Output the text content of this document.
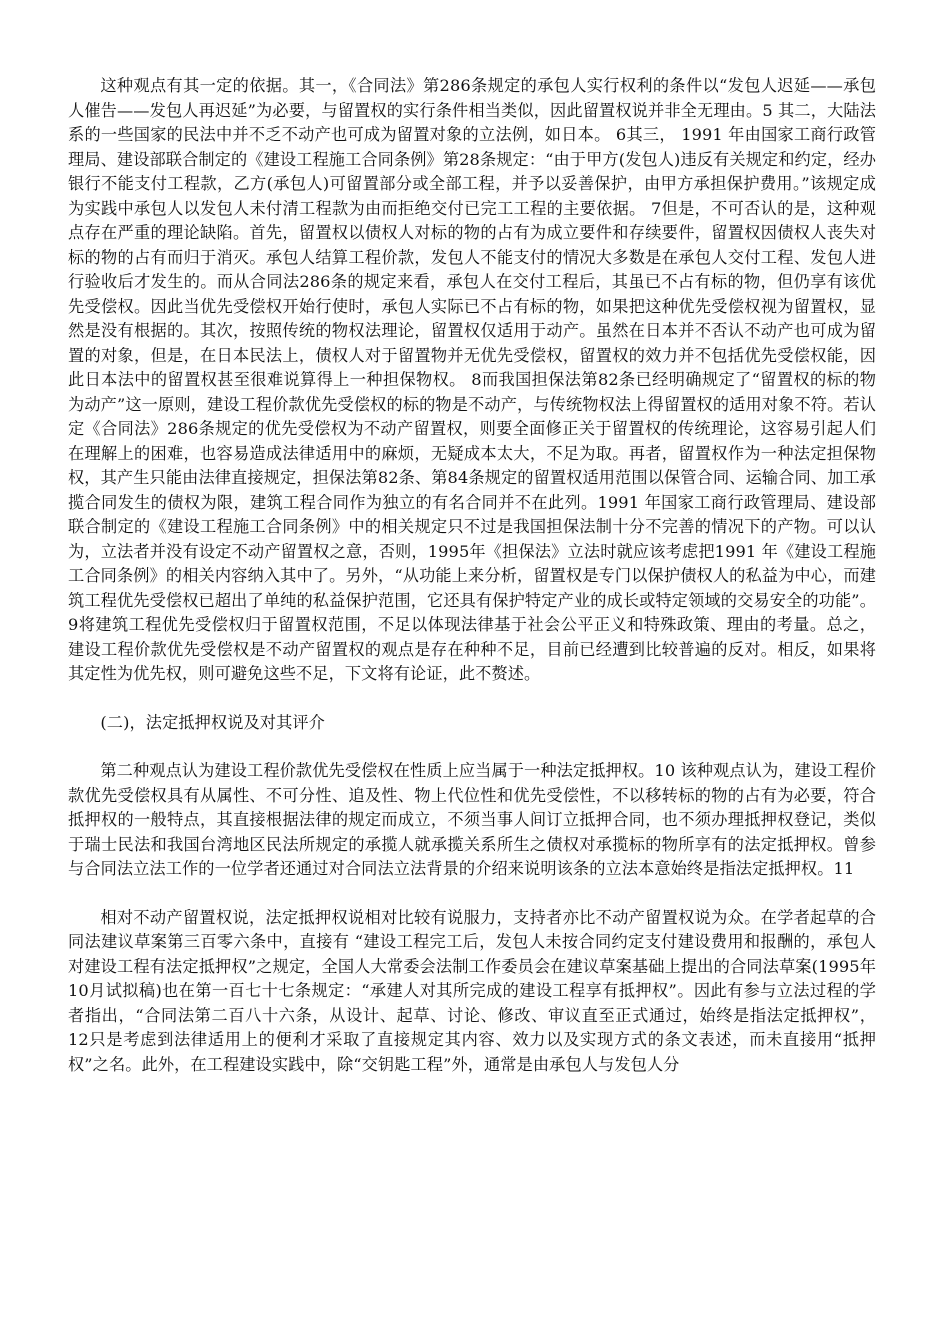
这种观点有其一定的依据。其一，《合同法》第286条规定的承包人实行权利的条件以“发包人迟延——承包人催告——发包人再迟延”为必要，与留置权的实行条件相当类似，因此留置权说并非全无理由。5 其二，大陆法系的一些国家的民法中并不乏不动产也可成为留置对象的立法例，如日本。 6其三， 1991 年由国家工商行政管理局、建设部联合制定的《建设工程施工合同条例》第28条规定：“由于甲方(发包人)违反有关规定和约定，经办银行不能支付工程款，乙方(承包人)可留置部分或全部工程，并予以妥善保护，由甲方承担保护费用。”该规定成为实践中承包人以发包人未付清工程款为由而拒绝交付已完工工程的主要依据。 7但是，不可否认的是，这种观点存在严重的理论缺陷。首先，留置权以债权人对标的物的占有为成立要件和存续要件，留置权因债权人丧失对标的物的占有而归于消灭。承包人结算工程价款，发包人不能支付的情况大多数是在承包人交付工程、发包人进行验收后才发生的。而从合同法286条的规定来看，承包人在交付工程后，其虽已不占有标的物，但仍享有该优先受偿权。因此当优先受偿权开始行使时，承包人实际已不占有标的物，如果把这种优先受偿权视为留置权，显然是没有根据的。其次，按照传统的物权法理论，留置权仅适用于动产。虽然在日本并不否认不动产也可成为留置的对象，但是，在日本民法上，债权人对于留置物并无优先受偿权，留置权的效力并不包括优先受偿权能，因此日本法中的留置权甚至很难说算得上一种担保物权。 8而我国担保法第82条已经明确规定了“留置权的标的物为动产”这一原则，建设工程价款优先受偿权的标的物是不动产，与传统物权法上得留置权的适用对象不符。若认定《合同法》286条规定的优先受偿权为不动产留置权，则要全面修正关于留置权的传统理论，这容易引起人们在理解上的困难，也容易造成法律适用中的麻烦，无疑成本太大，不足为取。再者，留置权作为一种法定担保物权，其产生只能由法律直接规定，担保法第82条、第84条规定的留置权适用范围以保管合同、运输合同、加工承揽合同发生的债权为限，建筑工程合同作为独立的有名合同并不在此列。1991 年国家工商行政管理局、建设部联合制定的《建设工程施工合同条例》中的相关规定只不过是我国担保法制十分不完善的情况下的产物。可以认为，立法者并没有设定不动产留置权之意，否则，1995年《担保法》立法时就应该考虑把1991 年《建设工程施工合同条例》的相关内容纳入其中了。另外，“从功能上来分析，留置权是专门以保护债权人的私益为中心，而建筑工程优先受偿权已超出了单纯的私益保护范围，它还具有保护特定产业的成长或特定领域的交易安全的功能”。 9将建筑工程优先受偿权归于留置权范围，不足以体现法律基于社会公平正义和特殊政策、理由的考量。总之，建设工程价款优先受偿权是不动产留置权的观点是存在种种不足，目前已经遭到比较普遍的反对。相反，如果将其定性为优先权，则可避免这些不足，下文将有论证，此不赘述。

(二)，法定抵押权说及对其评介

第二种观点认为建设工程价款优先受偿权在性质上应当属于一种法定抵押权。10 该种观点认为，建设工程价款优先受偿权具有从属性、不可分性、追及性、物上代位性和优先受偿性，不以移转标的物的占有为必要，符合抵押权的一般特点，其直接根据法律的规定而成立，不须当事人间订立抵押合同，也不须办理抵押权登记，类似于瑞士民法和我国台湾地区民法所规定的承揽人就承揽关系所生之债权对承揽标的物所享有的法定抵押权。曾参与合同法立法工作的一位学者还通过对合同法立法背景的介绍来说明该条的立法本意始终是指法定抵押权。11

相对不动产留置权说，法定抵押权说相对比较有说服力，支持者亦比不动产留置权说为众。在学者起草的合同法建议草案第三百零六条中，直接有 “建设工程完工后，发包人未按合同约定支付建设费用和报酬的，承包人对建设工程有法定抵押权”之规定，全国人大常委会法制工作委员会在建议草案基础上提出的合同法草案(1995年10月试拟稿)也在第一百七十七条规定：“承建人对其所完成的建设工程享有抵押权”。因此有参与立法过程的学者指出，“合同法第二百八十六条，从设计、起草、讨论、修改、审议直至正式通过，始终是指法定抵押权”， 12只是考虑到法律适用上的便利才采取了直接规定其内容、效力以及实现方式的条文表述，而未直接用“抵押权”之名。此外，在工程建设实践中，除“交钥匙工程”外，通常是由承包人与发包人分
